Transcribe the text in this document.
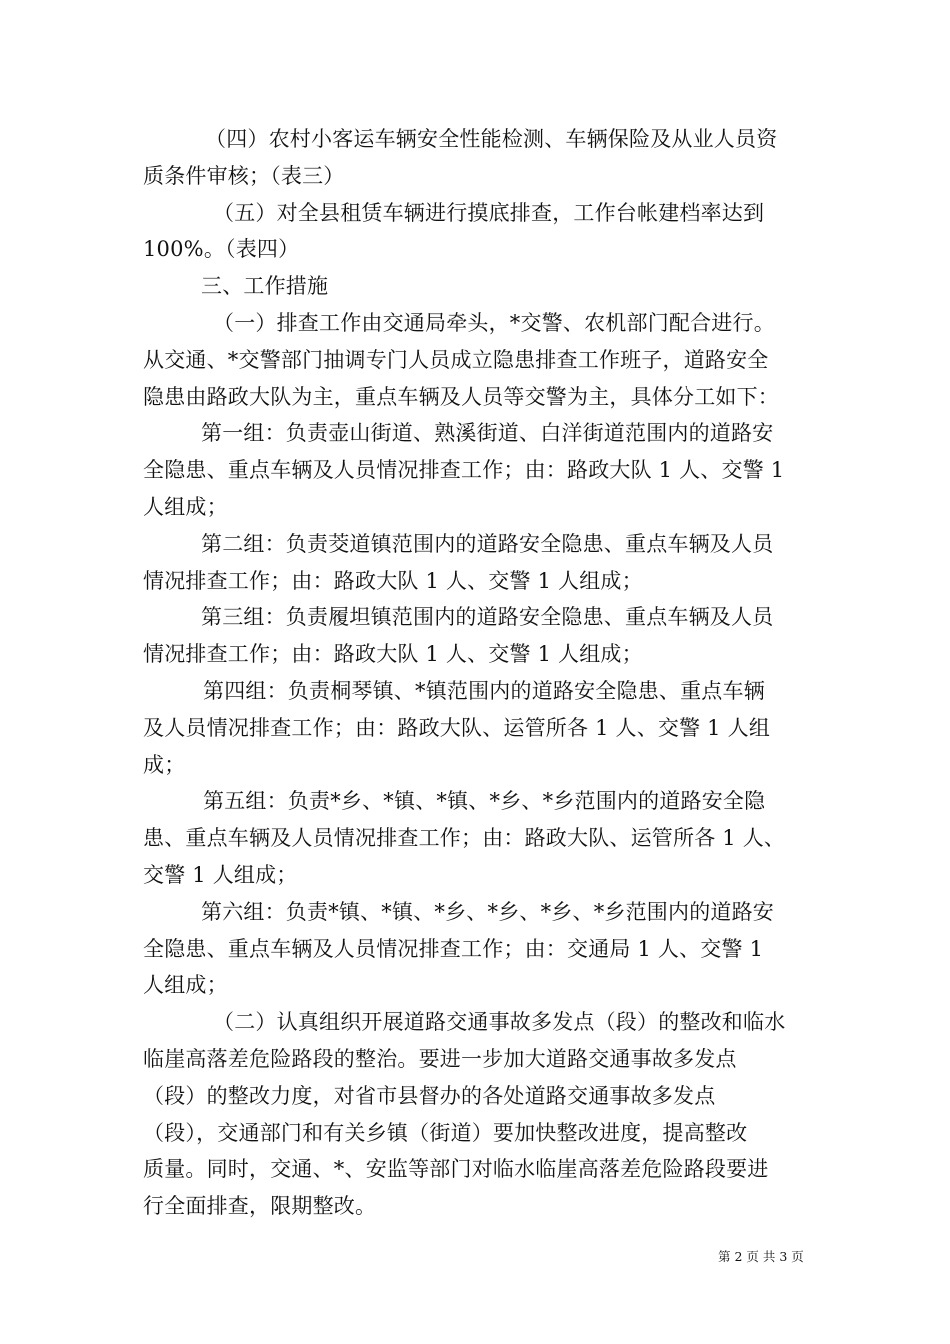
（四）农村小客运车辆安全性能检测、车辆保险及从业人员资
质条件审核；（表三）
（五）对全县租赁车辆进行摸底排查，工作台帐建档率达到
100%。（表四）
三、工作措施
（一）排查工作由交通局牵头，*交警、农机部门配合进行。
从交通、*交警部门抽调专门人员成立隐患排查工作班子，道路安全
隐患由路政大队为主，重点车辆及人员等交警为主，具体分工如下：
第一组：负责壶山街道、熟溪街道、白洋街道范围内的道路安
全隐患、重点车辆及人员情况排查工作；由：路政大队 1 人、交警 1
人组成；
第二组：负责茭道镇范围内的道路安全隐患、重点车辆及人员
情况排查工作；由：路政大队 1 人、交警 1 人组成；
第三组：负责履坦镇范围内的道路安全隐患、重点车辆及人员
情况排查工作；由：路政大队 1 人、交警 1 人组成；
第四组：负责桐琴镇、*镇范围内的道路安全隐患、重点车辆
及人员情况排查工作；由：路政大队、运管所各 1 人、交警 1 人组
成；
第五组：负责*乡、*镇、*镇、*乡、*乡范围内的道路安全隐
患、重点车辆及人员情况排查工作；由：路政大队、运管所各 1 人、
交警 1 人组成；
第六组：负责*镇、*镇、*乡、*乡、*乡、*乡范围内的道路安
全隐患、重点车辆及人员情况排查工作；由：交通局 1 人、交警 1
人组成；
（二）认真组织开展道路交通事故多发点（段）的整改和临水
临崖高落差危险路段的整治。要进一步加大道路交通事故多发点
（段）的整改力度，对省市县督办的各处道路交通事故多发点
（段），交通部门和有关乡镇（街道）要加快整改进度，提高整改
质量。同时，交通、*、安监等部门对临水临崖高落差危险路段要进
行全面排查，限期整改。
第 2 页 共 3 页
